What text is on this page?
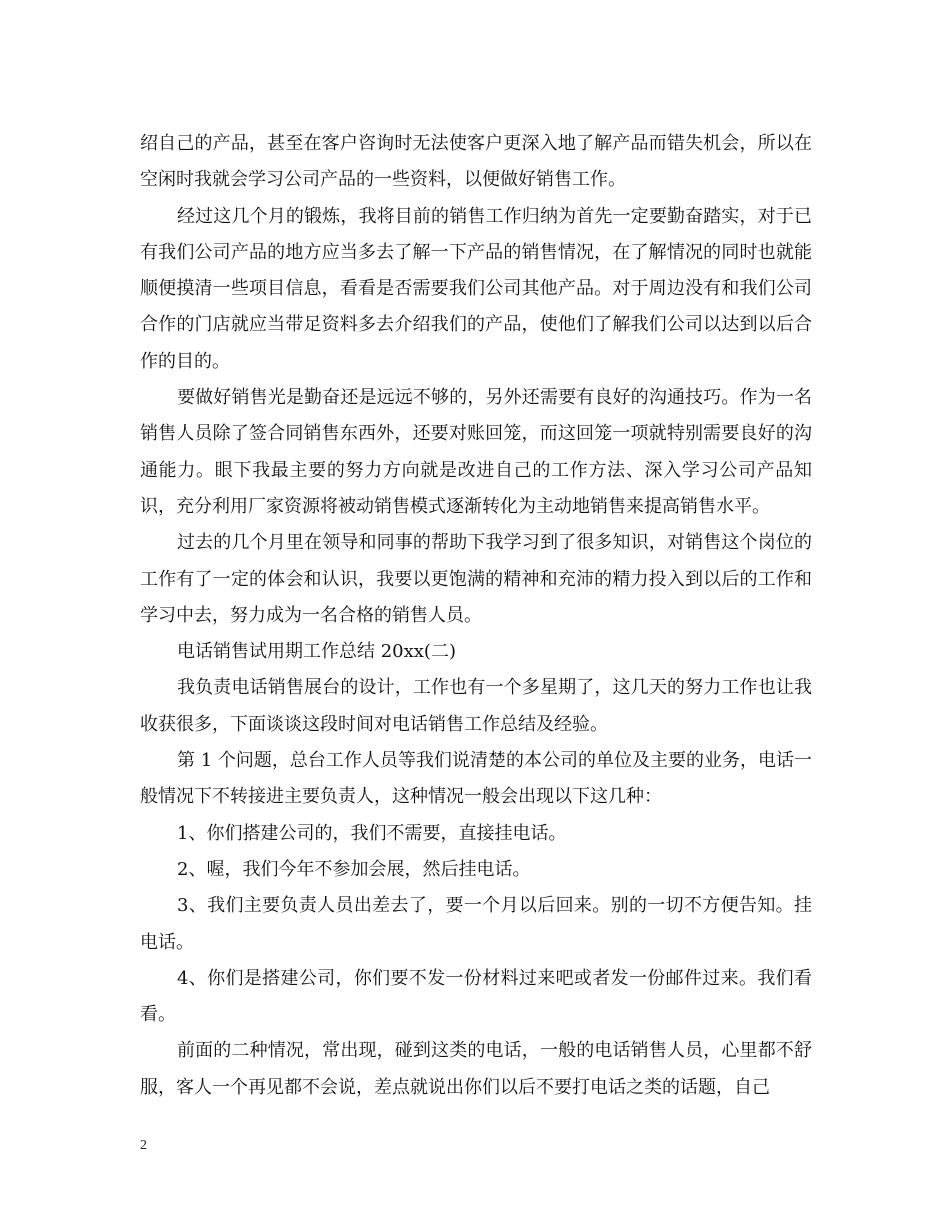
绍自己的产品，甚至在客户咨询时无法使客户更深入地了解产品而错失机会，所以在空闲时我就会学习公司产品的一些资料，以便做好销售工作。

经过这几个月的锻炼，我将目前的销售工作归纳为首先一定要勤奋踏实，对于已有我们公司产品的地方应当多去了解一下产品的销售情况，在了解情况的同时也就能顺便摸清一些项目信息，看看是否需要我们公司其他产品。对于周边没有和我们公司合作的门店就应当带足资料多去介绍我们的产品，使他们了解我们公司以达到以后合作的目的。

要做好销售光是勤奋还是远远不够的，另外还需要有良好的沟通技巧。作为一名销售人员除了签合同销售东西外，还要对账回笼，而这回笼一项就特别需要良好的沟通能力。眼下我最主要的努力方向就是改进自己的工作方法、深入学习公司产品知识，充分利用厂家资源将被动销售模式逐渐转化为主动地销售来提高销售水平。

过去的几个月里在领导和同事的帮助下我学习到了很多知识，对销售这个岗位的工作有了一定的体会和认识，我要以更饱满的精神和充沛的精力投入到以后的工作和学习中去，努力成为一名合格的销售人员。

电话销售试用期工作总结 20xx(二)

我负责电话销售展台的设计，工作也有一个多星期了，这几天的努力工作也让我收获很多，下面谈谈这段时间对电话销售工作总结及经验。

第 1 个问题，总台工作人员等我们说清楚的本公司的单位及主要的业务，电话一般情况下不转接进主要负责人，这种情况一般会出现以下这几种：

1、你们搭建公司的，我们不需要，直接挂电话。

2、喔，我们今年不参加会展，然后挂电话。

3、我们主要负责人员出差去了，要一个月以后回来。别的一切不方便告知。挂电话。

4、你们是搭建公司，你们要不发一份材料过来吧或者发一份邮件过来。我们看看。

前面的二种情况，常出现，碰到这类的电话，一般的电话销售人员，心里都不舒服，客人一个再见都不会说，差点就说出你们以后不要打电话之类的话题，自己

2
